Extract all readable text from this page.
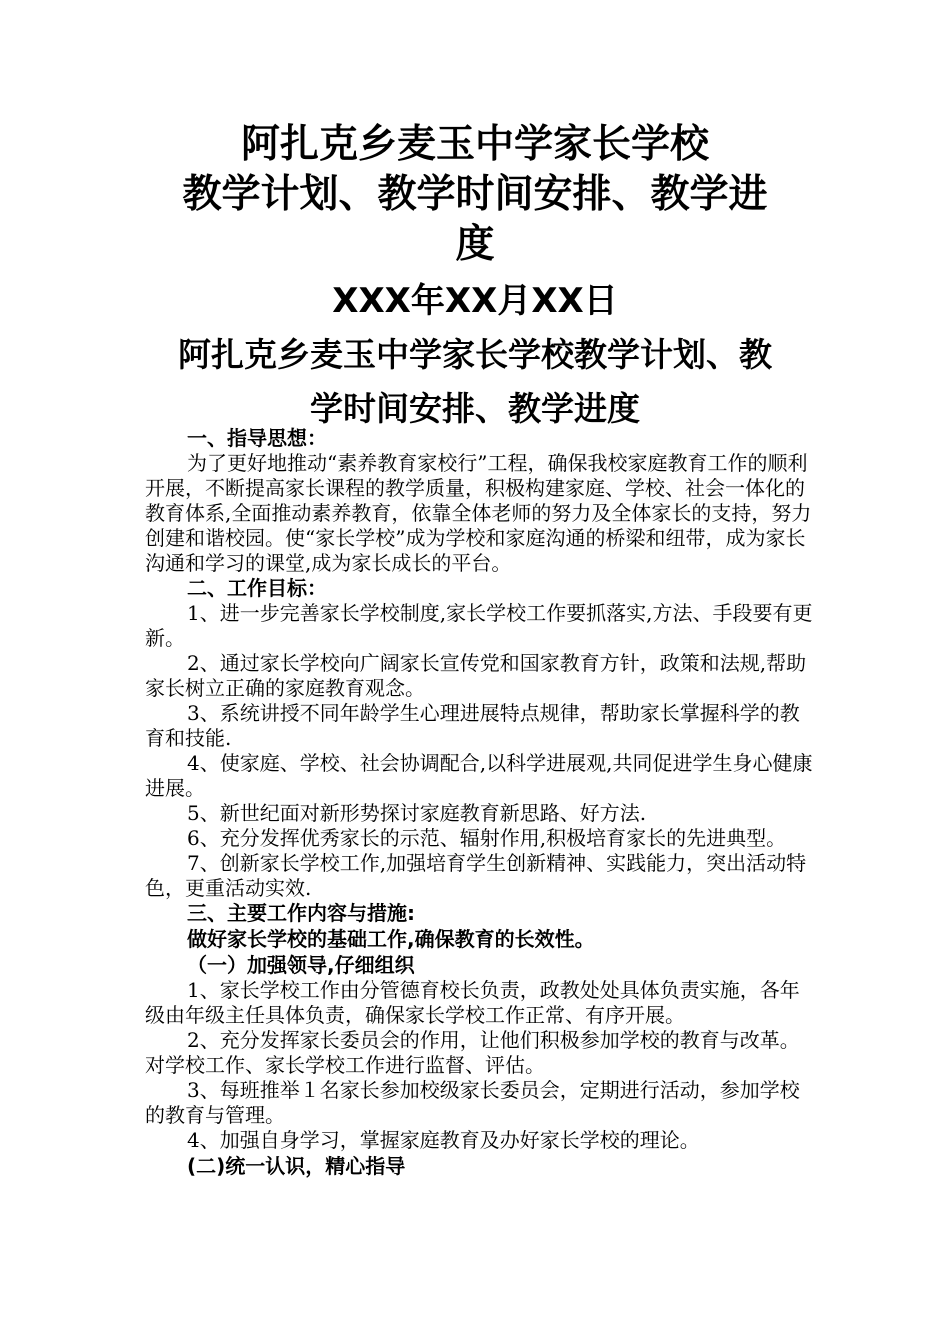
阿扎克乡麦玉中学家长学校
教学计划、教学时间安排、教学进
度
XXX年XX月XX日
阿扎克乡麦玉中学家长学校教学计划、教
学时间安排、教学进度
一、指导思想：

为了更好地推动“素养教育家校行”工程，确保我校家庭教育工作的顺利开展，不断提高家长课程的教学质量，积极构建家庭、学校、社会一体化的教育体系,全面推动素养教育，依靠全体老师的努力及全体家长的支持，努力创建和谐校园。使“家长学校”成为学校和家庭沟通的桥梁和纽带，成为家长沟通和学习的课堂,成为家长成长的平台。

二、工作目标：

1、进一步完善家长学校制度,家长学校工作要抓落实,方法、手段要有更新。

2、通过家长学校向广阔家长宣传党和国家教育方针，政策和法规,帮助家长树立正确的家庭教育观念。

3、系统讲授不同年龄学生心理进展特点规律，帮助家长掌握科学的教育和技能.

4、使家庭、学校、社会协调配合,以科学进展观,共同促进学生身心健康进展。

5、新世纪面对新形势探讨家庭教育新思路、好方法.

6、充分发挥优秀家长的示范、辐射作用,积极培育家长的先进典型。

7、创新家长学校工作,加强培育学生创新精神、实践能力，突出活动特色，更重活动实效.

三、主要工作内容与措施:
做好家长学校的基础工作,确保教育的长效性。
（一）加强领导,仔细组织

1、家长学校工作由分管德育校长负责，政教处处具体负责实施，各年级由年级主任具体负责，确保家长学校工作正常、有序开展。

2、充分发挥家长委员会的作用，让他们积极参加学校的教育与改革。对学校工作、家长学校工作进行监督、评估。

3、每班推举１名家长参加校级家长委员会，定期进行活动，参加学校的教育与管理。

4、加强自身学习，掌握家庭教育及办好家长学校的理论。

(二)统一认识，精心指导
